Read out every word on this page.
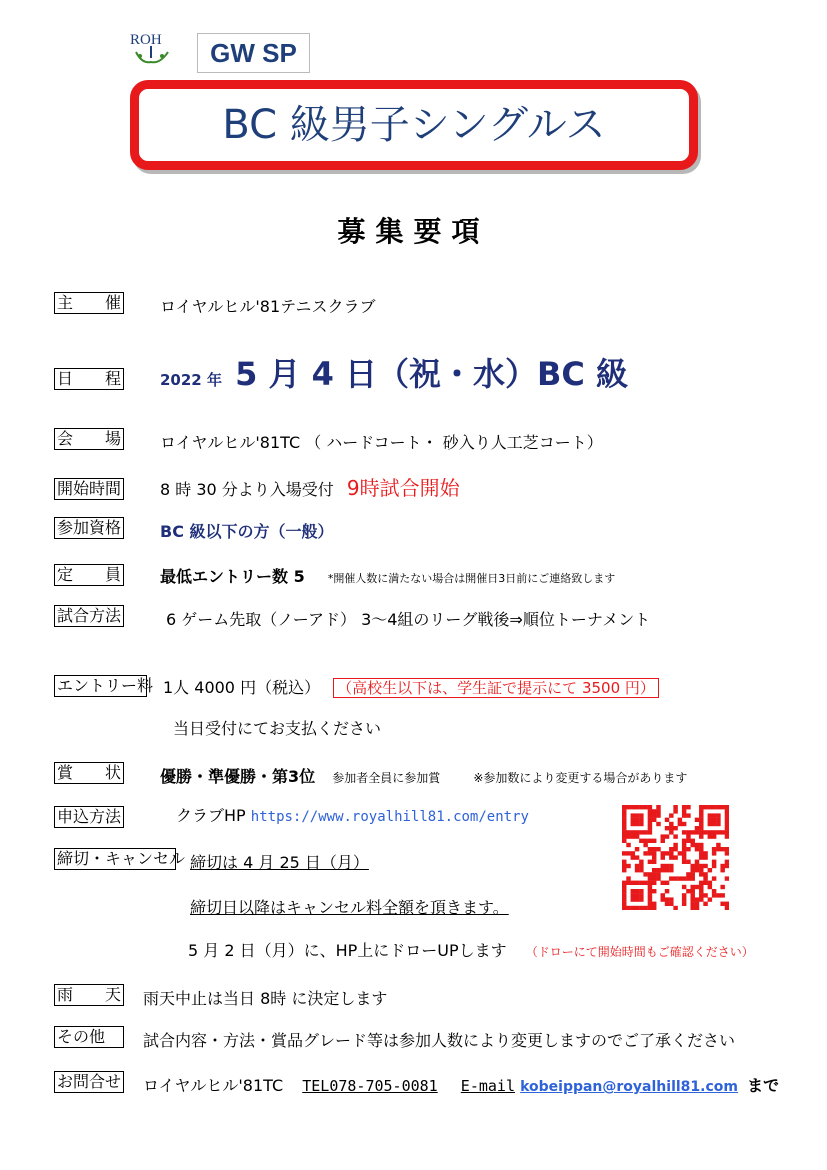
ROH	GW SP
BC 級男子シングルス
募集要項
主 催 ロイヤルヒル'81テニスクラブ
日 程	2022 年 5 月 4 日（祝・水）BC 級
会 場 ロイヤルヒル'81TC （ ハードコート・ 砂入り人工芝コート）
開始時間 8 時 30 分より入場受付 9時試合開始
参加資格 BC 級以下の方（一般）
定 員 最低エントリー数 5 *開催人数に満たない場合は開催日3日前にご連絡致します
試合方法	6 ゲーム先取（ノーアド） 3～4組のリーグ戦後⇒順位トーナメント
エントリー料 1人 4000 円（税込） （高校生以下は、学生証で提示にて 3500 円）
当日受付にてお支払ください
賞 状 優勝・準優勝・第3位 参加者全員に参加賞	※参加数により変更する場合があります
申込方法	クラブHP https://www.royalhill81.com/entry
締切・キャンセル 締切は 4 月 25 日（月）
締切日以降はキャンセル料全額を頂きます。
5 月 2 日（月）に、HP上にドローUPします （ドローにて開始時間もご確認ください）
雨 天 雨天中止は当日 8時 に決定します
その他	試合内容・方法・賞品グレード等は参加人数により変更しますのでご了承ください
お問合せ ロイヤルヒル'81TC TEL078-705-0081 E-mail kobeippan@royalhill81.com まで
